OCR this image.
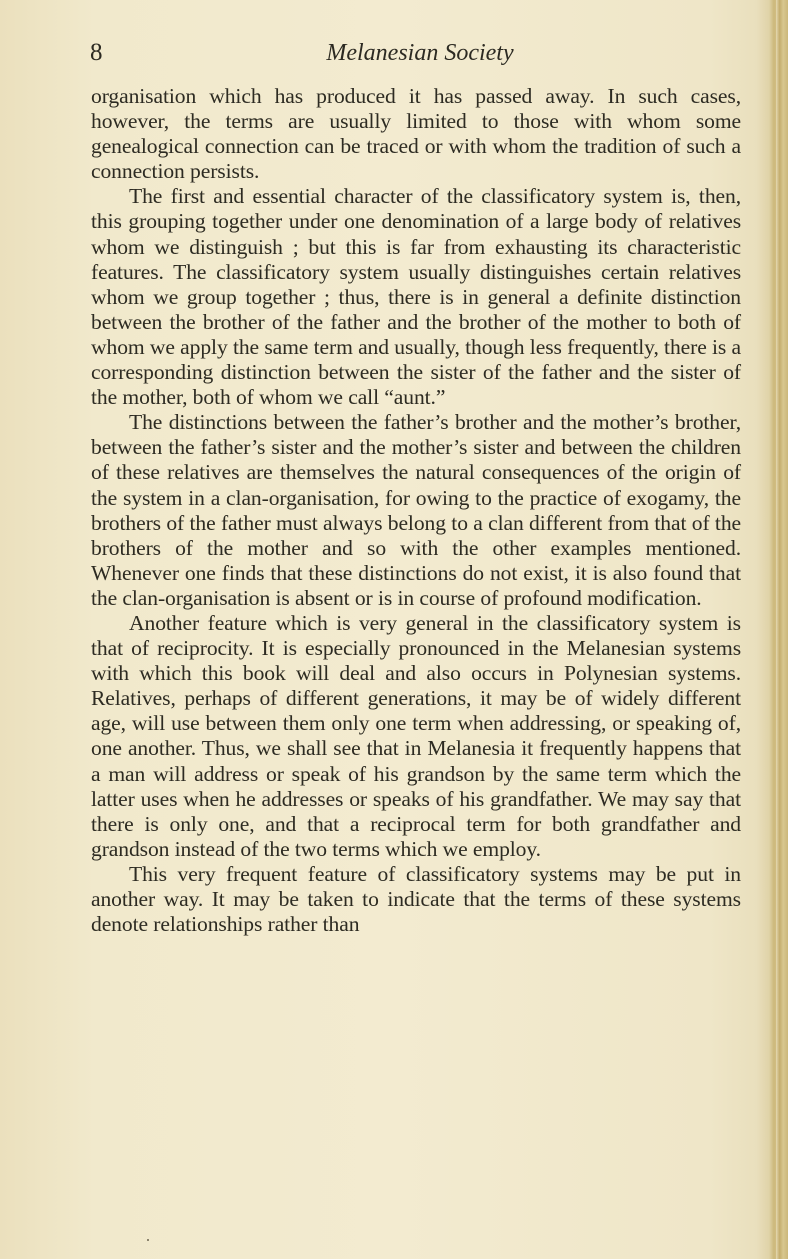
8	Melanesian Society

organisation which has produced it has passed away. In such cases, however, the terms are usually limited to those with whom some genealogical connection can be traced or with whom the tradition of such a connection persists.

The first and essential character of the classificatory system is, then, this grouping together under one denomination of a large body of relatives whom we distinguish ; but this is far from exhausting its characteristic features. The classificatory system usually distinguishes certain relatives whom we group together ; thus, there is in general a definite distinction between the brother of the father and the brother of the mother to both of whom we apply the same term and usually, though less frequently, there is a corresponding distinction between the sister of the father and the sister of the mother, both of whom we call “aunt.”

The distinctions between the father’s brother and the mother’s brother, between the father’s sister and the mother’s sister and between the children of these relatives are themselves the natural consequences of the origin of the system in a clan-organisation, for owing to the practice of exogamy, the brothers of the father must always belong to a clan different from that of the brothers of the mother and so with the other examples mentioned. Whenever one finds that these distinctions do not exist, it is also found that the clan-organisation is absent or is in course of profound modification.

Another feature which is very general in the classificatory system is that of reciprocity. It is especially pronounced in the Melanesian systems with which this book will deal and also occurs in Polynesian systems. Relatives, perhaps of different generations, it may be of widely different age, will use between them only one term when addressing, or speaking of, one another. Thus, we shall see that in Melanesia it frequently happens that a man will address or speak of his grandson by the same term which the latter uses when he addresses or speaks of his grandfather. We may say that there is only one, and that a reciprocal term for both grandfather and grandson instead of the two terms which we employ.

This very frequent feature of classificatory systems may be put in another way. It may be taken to indicate that the terms of these systems denote relationships rather than
